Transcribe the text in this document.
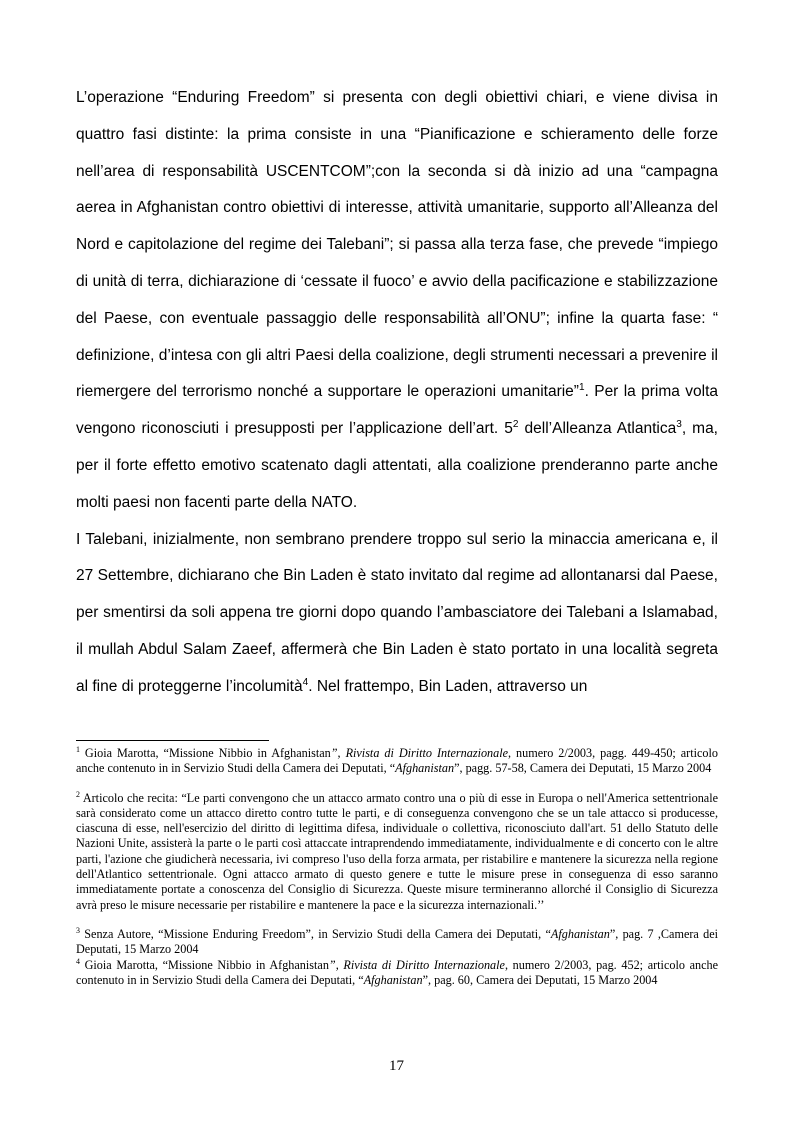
L’operazione “Enduring Freedom” si presenta con degli obiettivi chiari, e viene divisa in quattro fasi distinte: la prima consiste in una “Pianificazione e schieramento delle forze nell’area di responsabilità USCENTCOM”;con la seconda si dà inizio ad una “campagna aerea in Afghanistan contro obiettivi di interesse, attività umanitarie, supporto all’Alleanza del Nord e capitolazione del regime dei Talebani”; si passa alla terza fase, che prevede “impiego di unità di terra, dichiarazione di ‘cessate il fuoco’ e avvio della pacificazione e stabilizzazione del Paese, con eventuale passaggio delle responsabilità all’ONU”; infine la quarta fase: “ definizione, d’intesa con gli altri Paesi della coalizione, degli strumenti necessari a prevenire il riemergere del terrorismo nonché a supportare le operazioni umanitarie”$^1$. Per la prima volta vengono riconosciuti i presupposti per l’applicazione dell’art. $5^2$ dell’Alleanza Atlantica$^3$, ma, per il forte effetto emotivo scatenato dagli attentati, alla coalizione prenderanno parte anche molti paesi non facenti parte della NATO.

I Talebani, inizialmente, non sembrano prendere troppo sul serio la minaccia americana e, il 27 Settembre, dichiarano che Bin Laden è stato invitato dal regime ad allontanarsi dal Paese, per smentirsi da soli appena tre giorni dopo quando l’ambasciatore dei Talebani a Islamabad, il mullah Abdul Salam Zaeef, affermerà che Bin Laden è stato portato in una località segreta al fine di proteggerne l’incolumità$^4$. Nel frattempo, Bin Laden, attraverso un

$^1$ Gioia Marotta, “Missione Nibbio in Afghanistan”, Rivista di Diritto Internazionale, numero 2/2003, pagg. 449-450; articolo anche contenuto in in Servizio Studi della Camera dei Deputati, “Afghanistan”, pagg. 57-58, Camera dei Deputati, 15 Marzo 2004

$^2$ Articolo che recita: “Le parti convengono che un attacco armato contro una o più di esse in Europa o nell'America settentrionale sarà considerato come un attacco diretto contro tutte le parti, e di conseguenza convengono che se un tale attacco si producesse, ciascuna di esse, nell'esercizio del diritto di legittima difesa, individuale o collettiva, riconosciuto dall'art. 51 dello Statuto delle Nazioni Unite, assisterà la parte o le parti così attaccate intraprendendo immediatamente, individualmente e di concerto con le altre parti, l'azione che giudicherà necessaria, ivi compreso l'uso della forza armata, per ristabilire e mantenere la sicurezza nella regione dell'Atlantico settentrionale. Ogni attacco armato di questo genere e tutte le misure prese in conseguenza di esso saranno immediatamente portate a conoscenza del Consiglio di Sicurezza. Queste misure termineranno allorché il Consiglio di Sicurezza avrà preso le misure necessarie per ristabilire e mantenere la pace e la sicurezza internazionali.’’

$^3$ Senza Autore, “Missione Enduring Freedom”, in Servizio Studi della Camera dei Deputati, “Afghanistan”, pag. 7 ,Camera dei Deputati, 15 Marzo 2004

$^4$ Gioia Marotta, “Missione Nibbio in Afghanistan”, Rivista di Diritto Internazionale, numero 2/2003, pag. 452; articolo anche contenuto in in Servizio Studi della Camera dei Deputati, “Afghanistan”, pag. 60, Camera dei Deputati, 15 Marzo 2004

17
